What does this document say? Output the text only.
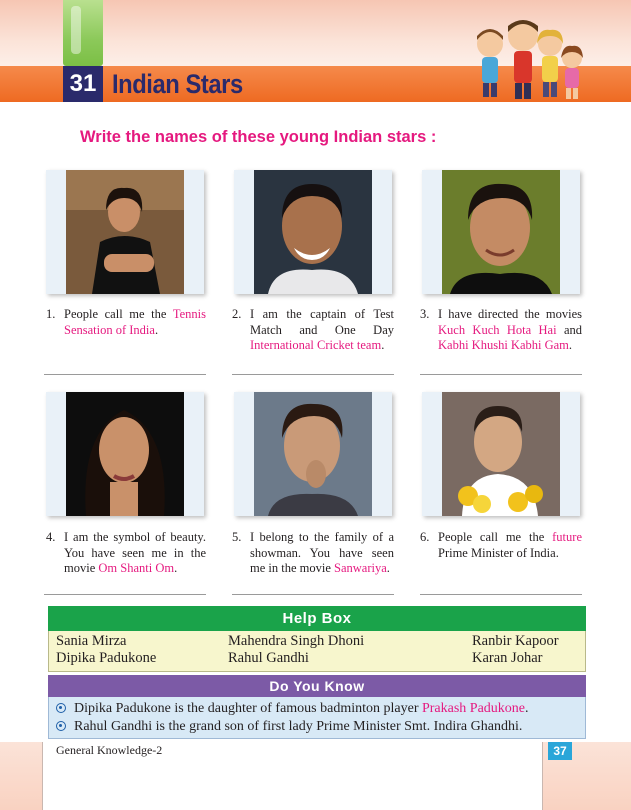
31 Indian Stars
Write the names of these young Indian stars :
1. People call me the Tennis Sensation of India.
2. I am the captain of Test Match and One Day International Cricket team.
3. I have directed the movies Kuch Kuch Hota Hai and Kabhi Khushi Kabhi Gam.
4. I am the symbol of beauty. You have seen me in the movie Om Shanti Om.
5. I belong to the family of a showman. You have seen me in the movie Sanwariya.
6. People call me the future Prime Minister of India.
Help Box
Sania Mirza	Mahendra Singh Dhoni	Ranbir Kapoor
Dipika Padukone	Rahul Gandhi	Karan Johar
Do You Know
Dipika Padukone is the daughter of famous badminton player Prakash Padukone.
Rahul Gandhi is the grand son of first lady Prime Minister Smt. Indira Ghandhi.
General Knowledge-2	37
